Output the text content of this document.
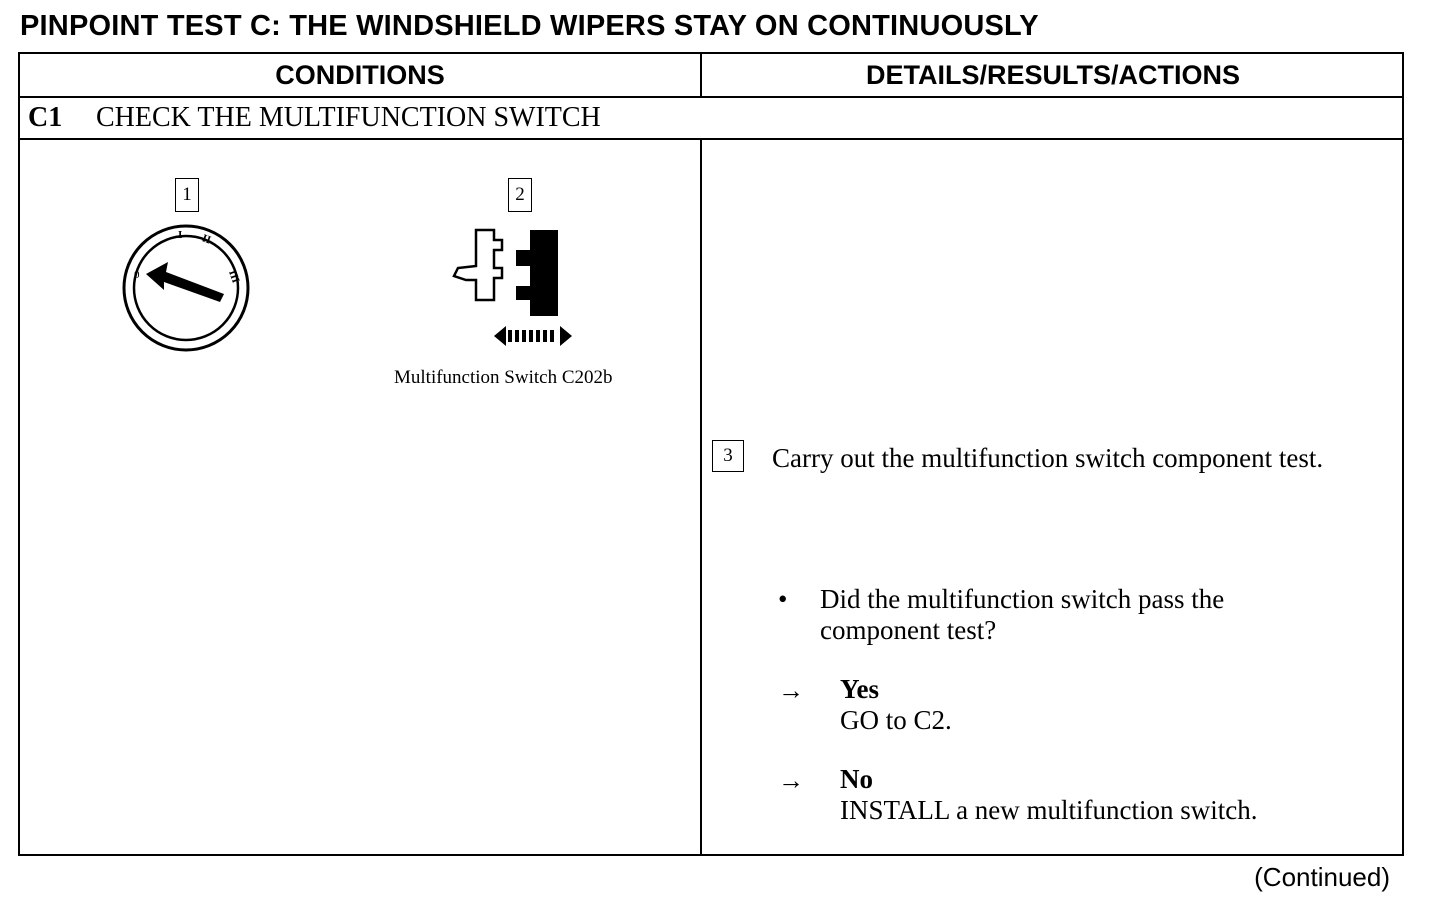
PINPOINT TEST C: THE WINDSHIELD WIPERS STAY ON CONTINUOUSLY
CONDITIONS	DETAILS/RESULTS/ACTIONS
C1 CHECK THE MULTIFUNCTION SWITCH
1	2
0
I II
III
Multifunction Switch C202b
3	Carry out the multifunction switch component test.
• Did the multifunction switch pass the component test?
→ Yes
GO to C2.
→ No
INSTALL a new multifunction switch.
(Continued)
